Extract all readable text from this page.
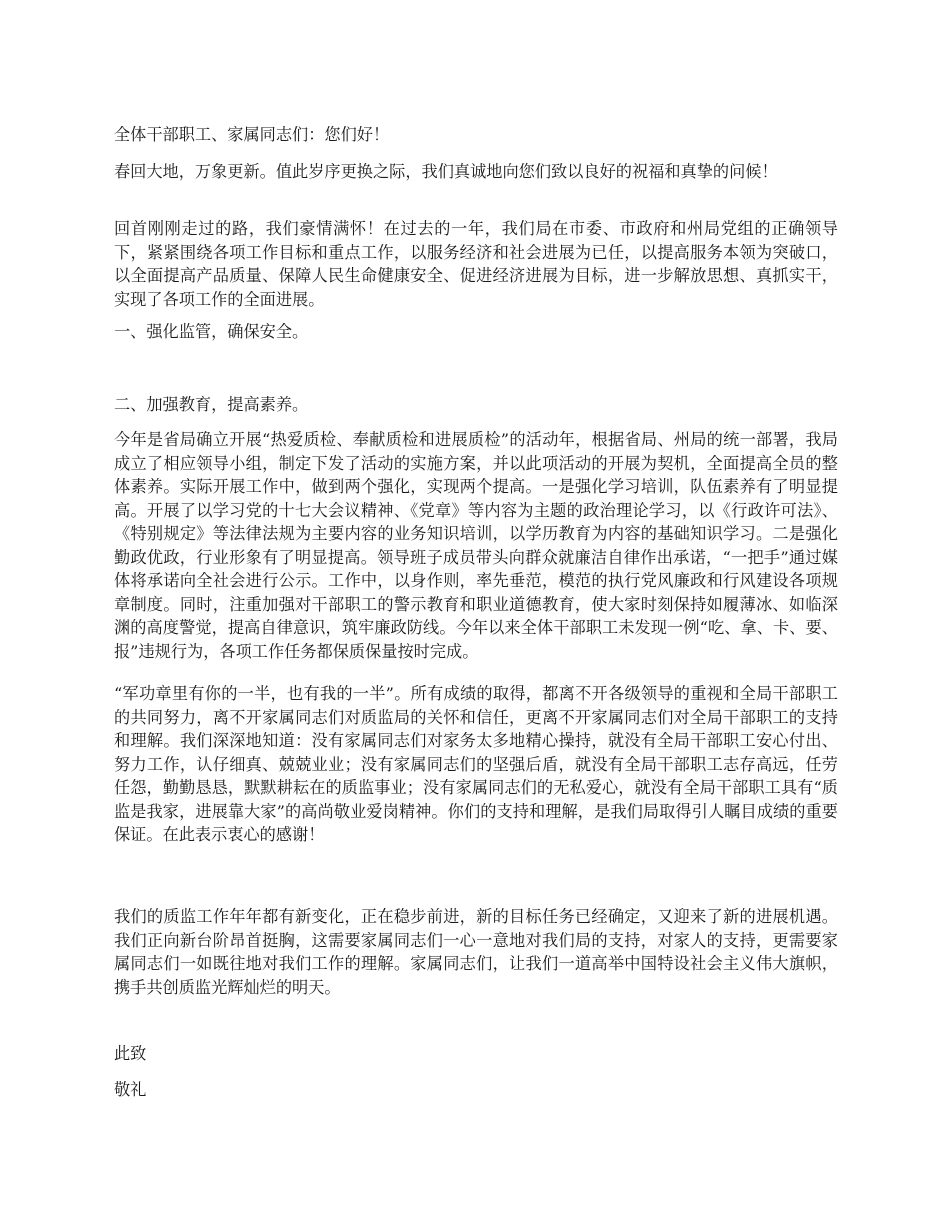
全体干部职工、家属同志们：您们好！

春回大地，万象更新。值此岁序更换之际，我们真诚地向您们致以良好的祝福和真挚的问候！

回首刚刚走过的路，我们豪情满怀！在过去的一年，我们局在市委、市政府和州局党组的正确领导下，紧紧围绕各项工作目标和重点工作，以服务经济和社会进展为已任，以提高服务本领为突破口，以全面提高产品质量、保障人民生命健康安全、促进经济进展为目标，进一步解放思想、真抓实干，实现了各项工作的全面进展。

一、强化监管，确保安全。

二、加强教育，提高素养。

今年是省局确立开展“热爱质检、奉献质检和进展质检”的活动年，根据省局、州局的统一部署，我局成立了相应领导小组，制定下发了活动的实施方案，并以此项活动的开展为契机，全面提高全员的整体素养。实际开展工作中，做到两个强化，实现两个提高。一是强化学习培训，队伍素养有了明显提高。开展了以学习党的十七大会议精神、《党章》等内容为主题的政治理论学习，以《行政许可法》、《特别规定》等法律法规为主要内容的业务知识培训，以学历教育为内容的基础知识学习。二是强化勤政优政，行业形象有了明显提高。领导班子成员带头向群众就廉洁自律作出承诺，“一把手”通过媒体将承诺向全社会进行公示。工作中，以身作则，率先垂范，模范的执行党风廉政和行风建设各项规章制度。同时，注重加强对干部职工的警示教育和职业道德教育，使大家时刻保持如履薄冰、如临深渊的高度警觉，提高自律意识，筑牢廉政防线。今年以来全体干部职工未发现一例“吃、拿、卡、要、报”违规行为，各项工作任务都保质保量按时完成。

“军功章里有你的一半，也有我的一半”。所有成绩的取得，都离不开各级领导的重视和全局干部职工的共同努力，离不开家属同志们对质监局的关怀和信任，更离不开家属同志们对全局干部职工的支持和理解。我们深深地知道：没有家属同志们对家务太多地精心操持，就没有全局干部职工安心付出、努力工作，认仔细真、兢兢业业；没有家属同志们的坚强后盾，就没有全局干部职工志存高远，任劳任怨，勤勤恳恳，默默耕耘在的质监事业；没有家属同志们的无私爱心，就没有全局干部职工具有“质监是我家，进展靠大家”的高尚敬业爱岗精神。你们的支持和理解，是我们局取得引人瞩目成绩的重要保证。在此表示衷心的感谢！

我们的质监工作年年都有新变化，正在稳步前进，新的目标任务已经确定，又迎来了新的进展机遇。我们正向新台阶昂首挺胸，这需要家属同志们一心一意地对我们局的支持，对家人的支持，更需要家属同志们一如既往地对我们工作的理解。家属同志们，让我们一道高举中国特设社会主义伟大旗帜，携手共创质监光辉灿烂的明天。

此致

敬礼
